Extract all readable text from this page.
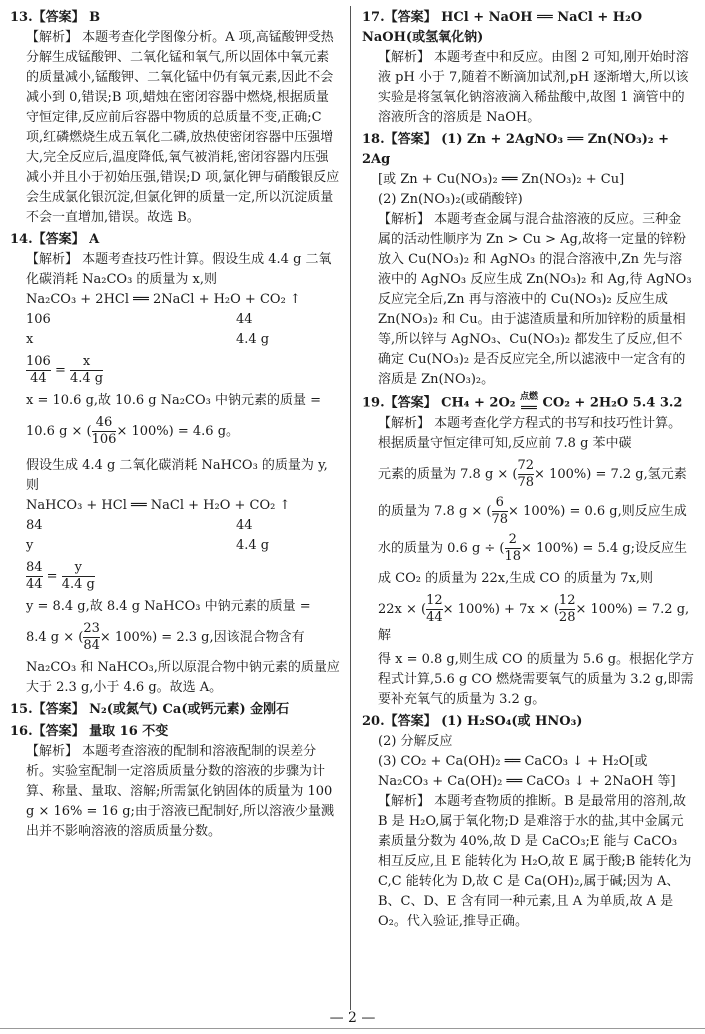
13.【答案】 B
【解析】 本题考查化学图像分析。A 项,高锰酸钾受热分解生成锰酸钾、二氧化锰和氧气,所以固体中氧元素的质量减小,锰酸钾、二氧化锰中仍有氧元素,因此不会减小到 0,错误;B 项,蜡烛在密闭容器中燃烧,根据质量守恒定律,反应前后容器中物质的总质量不变,正确;C 项,红磷燃烧生成五氧化二磷,放热使密闭容器中压强增大,完全反应后,温度降低,氧气被消耗,密闭容器内压强减小并且小于初始压强,错误;D 项,氯化钾与硝酸银反应会生成氯化银沉淀,但氯化钾的质量一定,所以沉淀质量不会一直增加,错误。故选 B。
14.【答案】 A
【解析】 本题考查技巧性计算。假设生成 4.4 g 二氧化碳消耗 Na₂CO₃ 的质量为 x,则
Na₂CO₃ + 2HCl ══ 2NaCl + H₂O + CO₂ ↑
106	44
x	4.4 g
$\frac{106}{44} = \frac{x}{4.4 g}$
x = 10.6 g,故 10.6 g Na₂CO₃ 中钠元素的质量 =
10.6 g × ( $\frac{46}{106} \times 100\%) = 4.6$ g。
假设生成 4.4 g 二氧化碳消耗 NaHCO₃ 的质量为 y,则
NaHCO₃ + HCl ══ NaCl + H₂O + CO₂ ↑
84	44
y	4.4 g
$\frac{84}{44} = \frac{y}{4.4 g}$
y = 8.4 g,故 8.4 g NaHCO₃ 中钠元素的质量 =
8.4 g × ( $\frac{23}{84} \times 100\%) = 2.3$ g,因该混合物含有
Na₂CO₃ 和 NaHCO₃,所以原混合物中钠元素的质量应大于 2.3 g,小于 4.6 g。故选 A。
15.【答案】 N₂(或氮气) Ca(或钙元素) 金刚石
16.【答案】 量取 16 不变
【解析】 本题考查溶液的配制和溶液配制的误差分析。实验室配制一定溶质质量分数的溶液的步骤为计算、称量、量取、溶解;所需氯化钠固体的质量为 100 g × 16% = 16 g;由于溶液已配制好,所以溶液少量溅出并不影响溶液的溶质质量分数。
17.【答案】 HCl + NaOH ══ NaCl + H₂O NaOH(或氢氧化钠)
【解析】 本题考查中和反应。由图 2 可知,刚开始时溶液 pH 小于 7,随着不断滴加试剂,pH 逐渐增大,所以该实验是将氢氧化钠溶液滴入稀盐酸中,故图 1 滴管中的溶液所含的溶质是 NaOH。
18.【答案】 (1) Zn + 2AgNO₃ ══ Zn(NO₃)₂ + 2Ag
[或 Zn + Cu(NO₃)₂ ══ Zn(NO₃)₂ + Cu]
(2) Zn(NO₃)₂(或硝酸锌)
【解析】 本题考查金属与混合盐溶液的反应。三种金属的活动性顺序为 Zn > Cu > Ag,故将一定量的锌粉放入 Cu(NO₃)₂ 和 AgNO₃ 的混合溶液中,Zn 先与溶液中的 AgNO₃ 反应生成 Zn(NO₃)₂ 和 Ag,待 AgNO₃ 反应完全后,Zn 再与溶液中的 Cu(NO₃)₂ 反应生成 Zn(NO₃)₂ 和 Cu。由于滤渣质量和所加锌粉的质量相等,所以锌与 AgNO₃、Cu(NO₃)₂ 都发生了反应,但不确定 Cu(NO₃)₂ 是否反应完全,所以滤液中一定含有的溶质是 Zn(NO₃)₂。
19.【答案】 CH₄ + 2O₂ 点燃
══ CO₂ + 2H₂O 5.4 3.2
【解析】 本题考查化学方程式的书写和技巧性计算。根据质量守恒定律可知,反应前 7.8 g 苯中碳
元素的质量为 7.8 g × ( $\frac{72}{78} \times 100\%) = 7.2$ g,氢元素
的质量为 7.8 g × ( $\frac{6}{78} \times 100\%) = 0.6$ g,则反应生成
水的质量为 0.6 g ÷ ( $\frac{2}{18} \times 100\%) = 5.4$ g;设反应生
成 CO₂ 的质量为 22x,生成 CO 的质量为 7x,则
22x × ( $\frac{12}{44} \times 100\%) + 7x$ × ( $\frac{12}{28} \times 100\%) = 7.2$ g,解
得 x = 0.8 g,则生成 CO 的质量为 5.6 g。根据化学方程式计算,5.6 g CO 燃烧需要氧气的质量为 3.2 g,即需要补充氧气的质量为 3.2 g。
20.【答案】 (1) H₂SO₄(或 HNO₃)
(2) 分解反应
(3) CO₂ + Ca(OH)₂ ══ CaCO₃ ↓ + H₂O[或 Na₂CO₃ + Ca(OH)₂ ══ CaCO₃ ↓ + 2NaOH 等]
【解析】 本题考查物质的推断。B 是最常用的溶剂,故 B 是 H₂O,属于氧化物;D 是难溶于水的盐,其中金属元素质量分数为 40%,故 D 是 CaCO₃;E 能与 CaCO₃ 相互反应,且 E 能转化为 H₂O,故 E 属于酸;B 能转化为 C,C 能转化为 D,故 C 是 Ca(OH)₂,属于碱;因为 A、B、C、D、E 含有同一种元素,且 A 为单质,故 A 是 O₂。代入验证,推导正确。
— 2 —
